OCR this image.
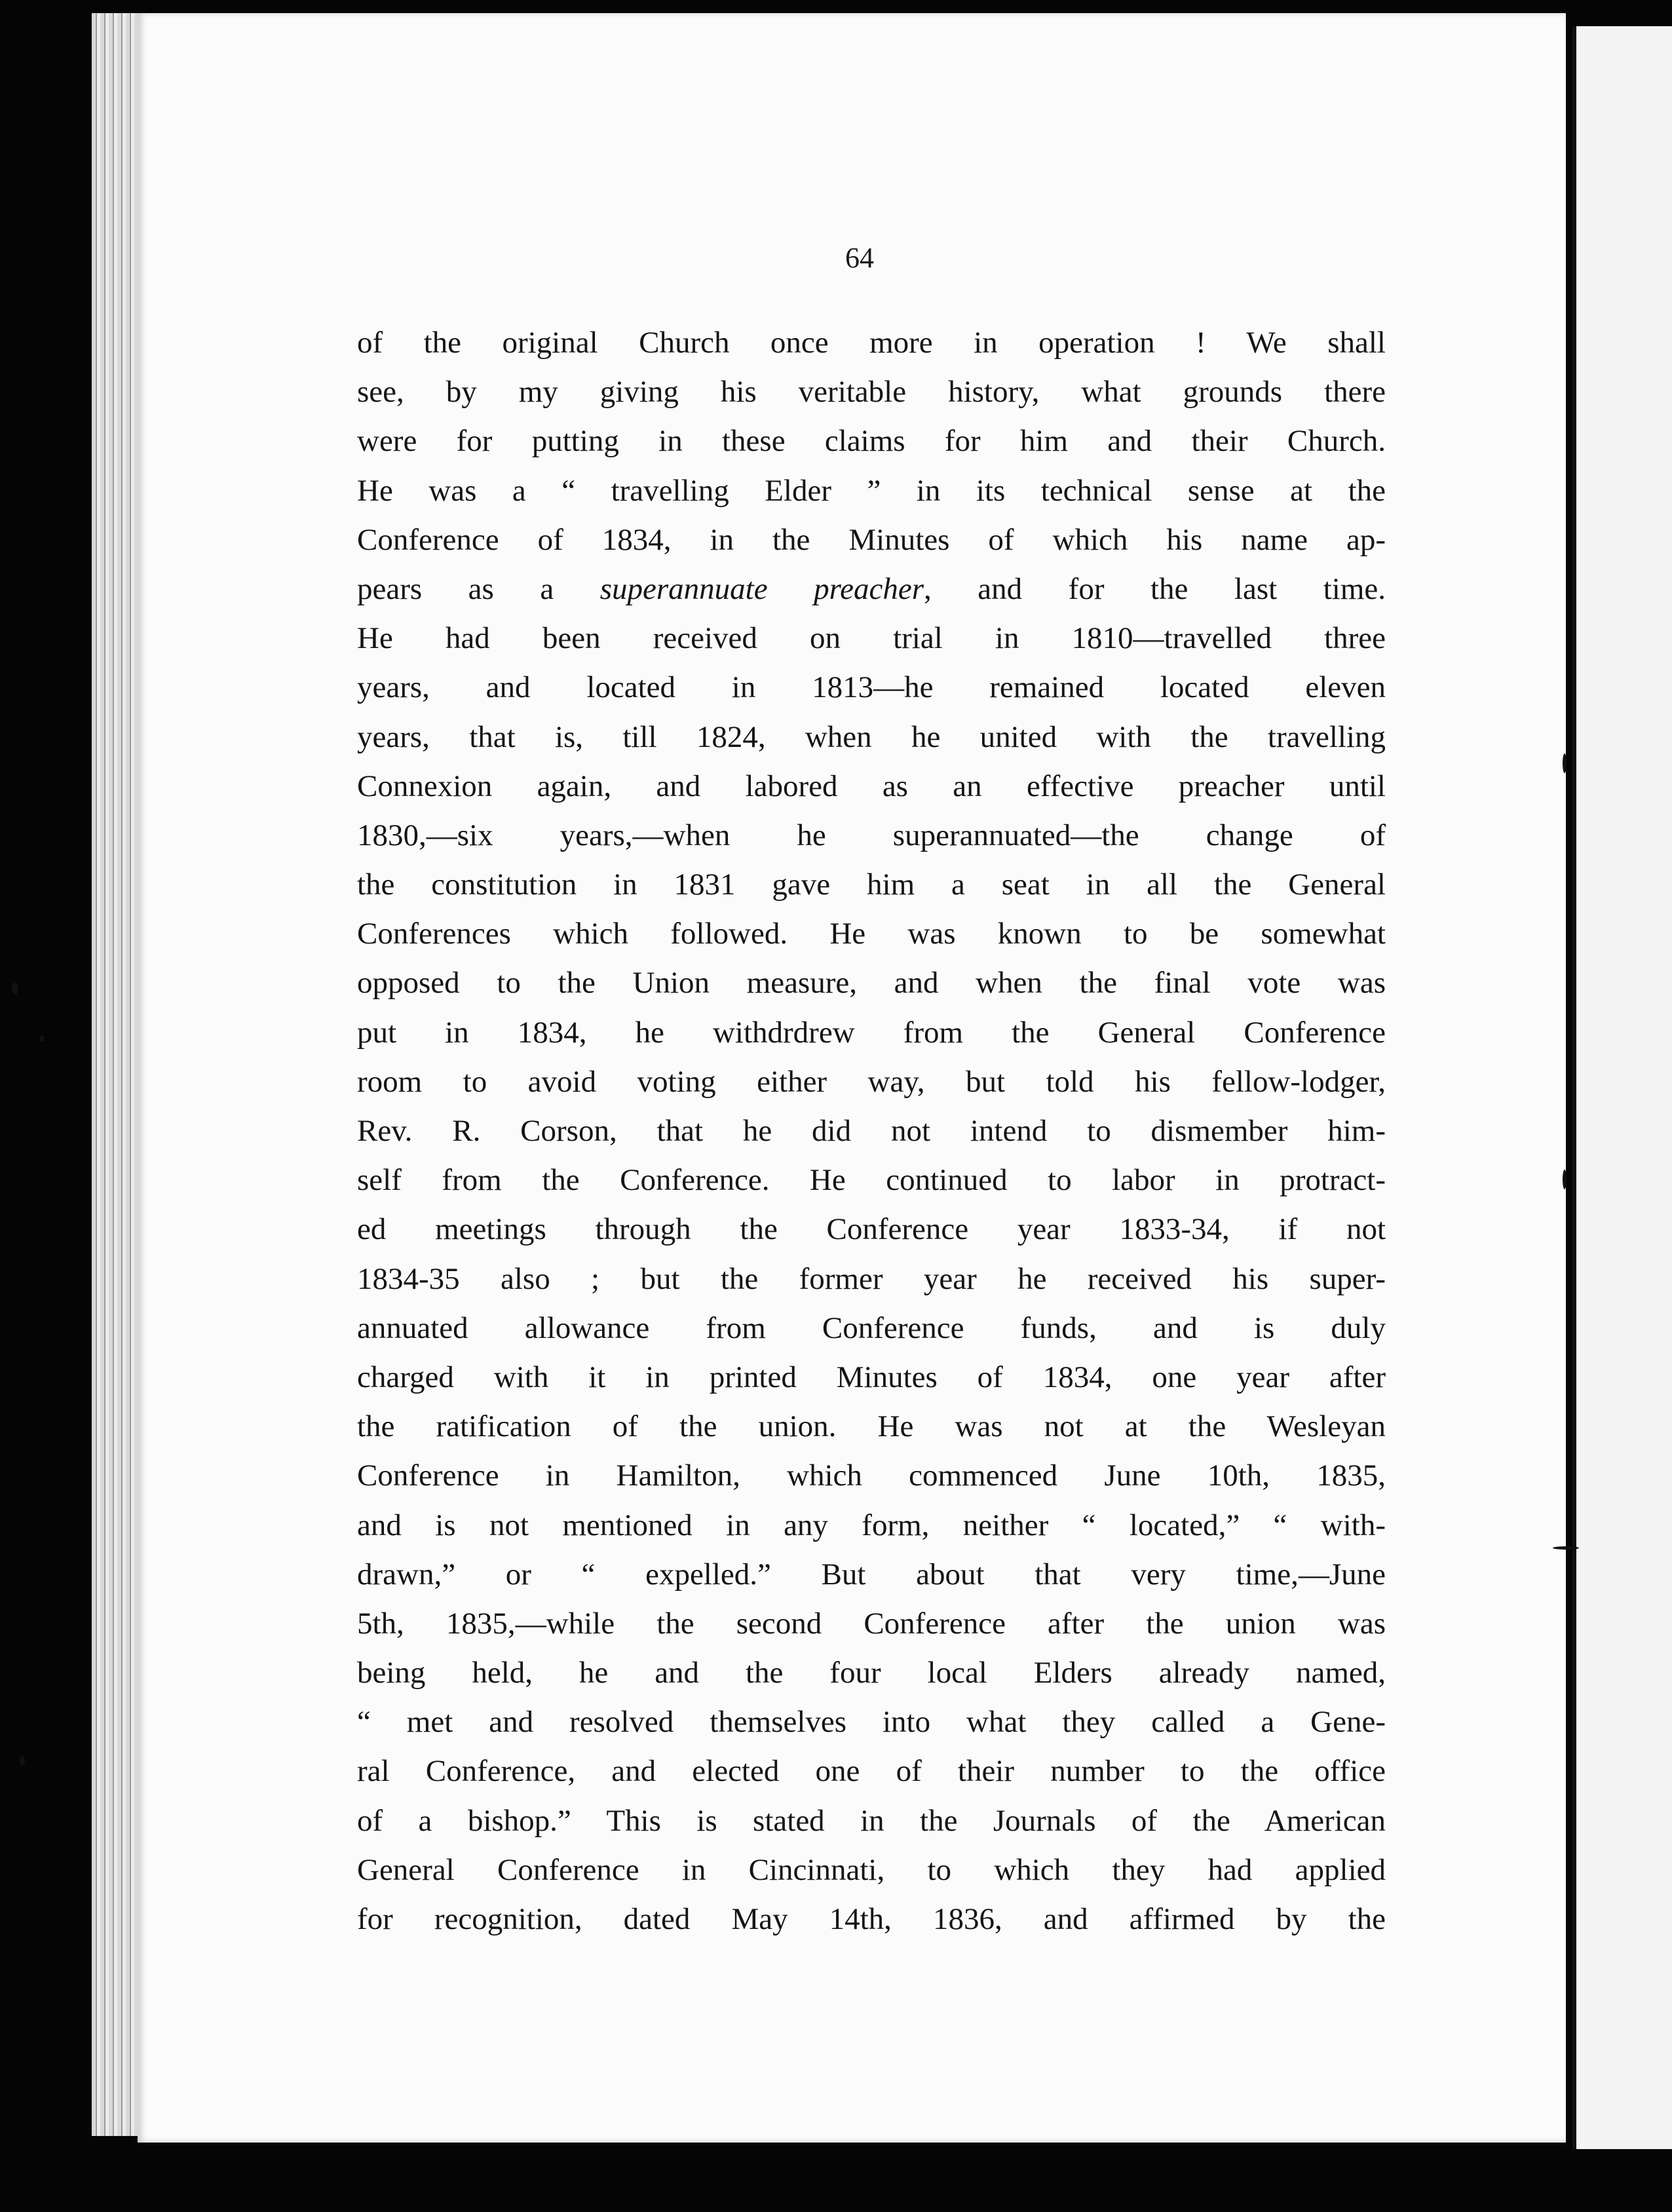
64
of the original Church once more in operation ! We shall
see, by my giving his veritable history, what grounds there
were for putting in these claims for him and their Church.
He was a “ travelling Elder ” in its technical sense at the
Conference of 1834, in the Minutes of which his name ap-
pears as a superannuate preacher, and for the last time.
He had been received on trial in 1810—travelled three
years, and located in 1813—he remained located eleven
years, that is, till 1824, when he united with the travelling
Connexion again, and labored as an effective preacher until
1830,—six years,—when he superannuated—the change of
the constitution in 1831 gave him a seat in all the General
Conferences which followed. He was known to be somewhat
opposed to the Union measure, and when the final vote was
put in 1834, he withdrdrew from the General Conference
room to avoid voting either way, but told his fellow-lodger,
Rev. R. Corson, that he did not intend to dismember him-
self from the Conference. He continued to labor in protract-
ed meetings through the Conference year 1833-34, if not
1834-35 also ; but the former year he received his super-
annuated allowance from Conference funds, and is duly
charged with it in printed Minutes of 1834, one year after
the ratification of the union. He was not at the Wesleyan
Conference in Hamilton, which commenced June 10th, 1835,
and is not mentioned in any form, neither “ located,” “ with-
drawn,” or “ expelled.” But about that very time,—June
5th, 1835,—while the second Conference after the union was
being held, he and the four local Elders already named,
“ met and resolved themselves into what they called a Gene-
ral Conference, and elected one of their number to the office
of a bishop.” This is stated in the Journals of the American
General Conference in Cincinnati, to which they had applied
for recognition, dated May 14th, 1836, and affirmed by the
